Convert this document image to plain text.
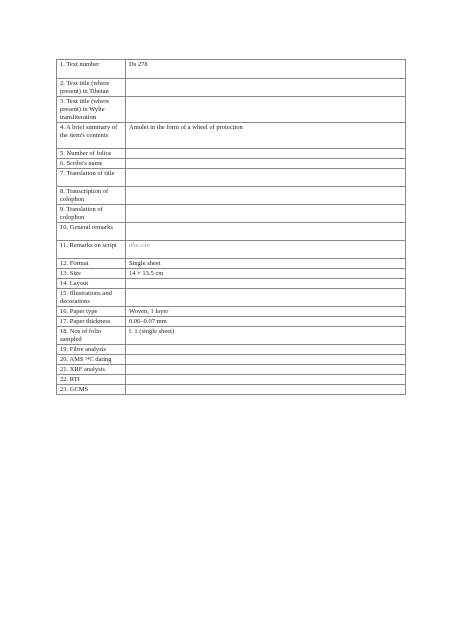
1. Text number	Ds 278
2. Text title (where present) in Tibetan	
3. Text title (where present) in Wylie transliteration	
4. A brief summary of the item's contents	Amulet in the form of a wheel of protection
5. Number of folios	
6. Scribe's name	
7. Translation of title	
8. Transcription of colophon	
9. Translation of colophon	
10. General remarks	
11. Remarks on script	dbu can
12. Format	Single sheet
13. Size	14 × 13.5 cm
14. Layout	
15. Illustrations and decorations	
16. Paper type	Woven, 1 layer
17. Paper thickness	0.06–0.07 mm
18. Nos of folio sampled	f. 1 (single sheet)
19. Fibre analysis	
20. AMS ¹⁴C dating	
21. XRF analysis	
22. RTI	
23. GCMS	
